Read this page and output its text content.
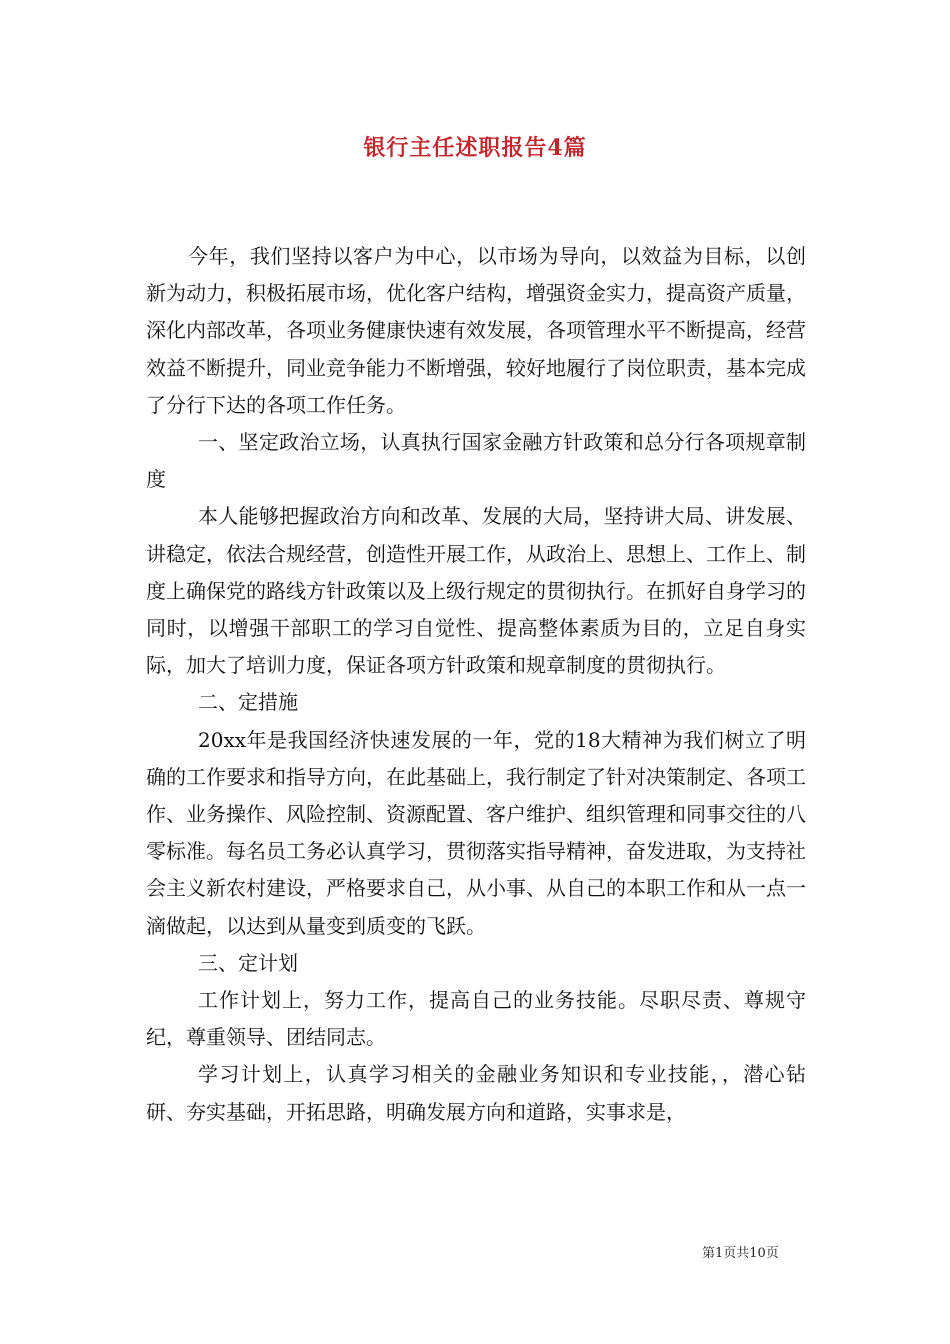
银行主任述职报告4篇

今年，我们坚持以客户为中心，以市场为导向，以效益为目标，以创新为动力，积极拓展市场，优化客户结构，增强资金实力，提高资产质量，深化内部改革，各项业务健康快速有效发展，各项管理水平不断提高，经营效益不断提升，同业竞争能力不断增强，较好地履行了岗位职责，基本完成了分行下达的各项工作任务。

一、坚定政治立场，认真执行国家金融方针政策和总分行各项规章制度

本人能够把握政治方向和改革、发展的大局，坚持讲大局、讲发展、讲稳定，依法合规经营，创造性开展工作，从政治上、思想上、工作上、制度上确保党的路线方针政策以及上级行规定的贯彻执行。在抓好自身学习的同时，以增强干部职工的学习自觉性、提高整体素质为目的，立足自身实际，加大了培训力度，保证各项方针政策和规章制度的贯彻执行。

二、定措施

20xx年是我国经济快速发展的一年，党的18大精神为我们树立了明确的工作要求和指导方向，在此基础上，我行制定了针对决策制定、各项工作、业务操作、风险控制、资源配置、客户维护、组织管理和同事交往的八零标准。每名员工务必认真学习，贯彻落实指导精神，奋发进取，为支持社会主义新农村建设，严格要求自己，从小事、从自己的本职工作和从一点一滴做起，以达到从量变到质变的飞跃。

三、定计划

工作计划上，努力工作，提高自己的业务技能。尽职尽责、尊规守纪，尊重领导、团结同志。

学习计划上，认真学习相关的金融业务知识和专业技能，，潜心钻研、夯实基础，开拓思路，明确发展方向和道路，实事求是，

第1页共10页
